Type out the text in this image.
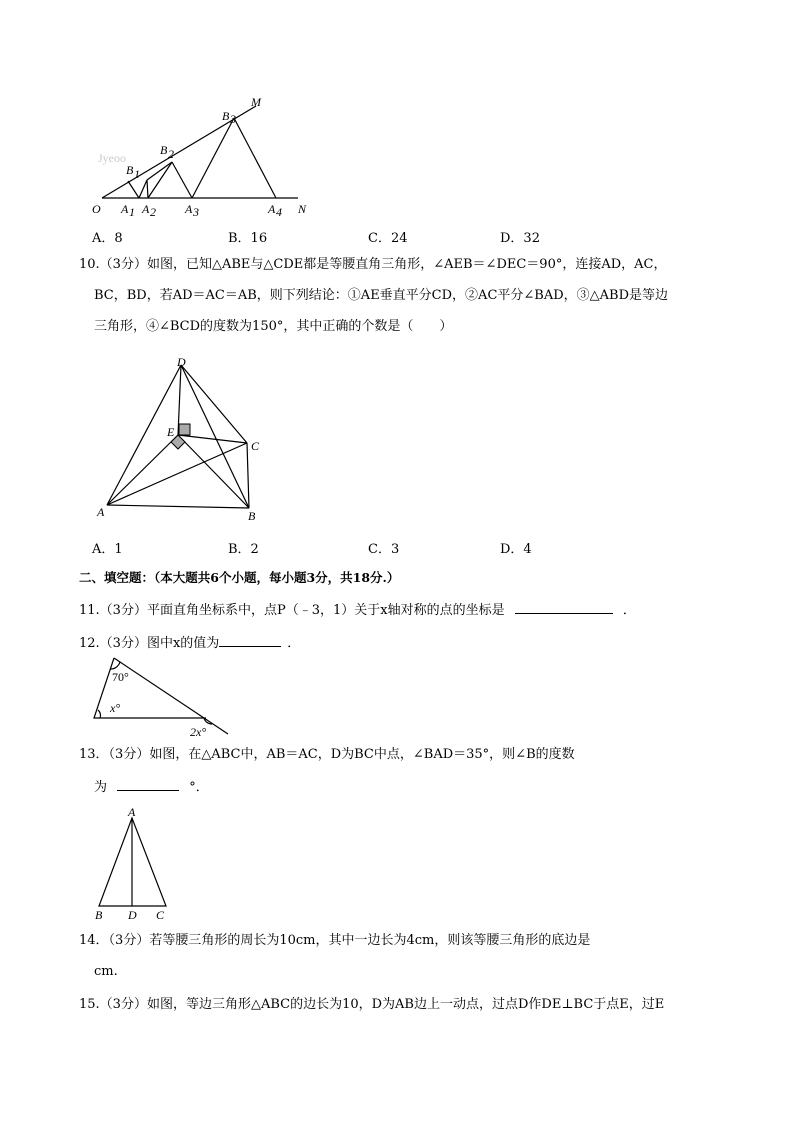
Jyeoo
M
B 3
B 2
B 1
O A 1 A 2 A 3	A 4 N
A．8	B．16	C．24	D．32
10.（3分）如图，已知△ABE与△CDE都是等腰直角三角形，∠AEB＝∠DEC＝90°，连接AD，AC，
BC，BD，若AD＝AC＝AB，则下列结论：①AE垂直平分CD，②AC平分∠BAD，③△ABD是等边
三角形，④∠BCD的度数为150°，其中正确的个数是（　　）
D
E
C
A	B
A．1	B．2	C．3	D．4
二、填空题：（本大题共6个小题，每小题3分，共18分.）
11.（3分）平面直角坐标系中，点P（﹣3，1）关于x轴对称的点的坐标是	．
12.（3分）图中x的值为	．
70°
x°
2x°
13．（3分）如图，在△ABC中，AB＝AC，D为BC中点，∠BAD＝35°，则∠B的度数
为	°．
A
B D C
14．（3分）若等腰三角形的周长为10cm，其中一边长为4cm，则该等腰三角形的底边是
cm.
15.（3分）如图，等边三角形△ABC的边长为10，D为AB边上一动点，过点D作DE⊥BC于点E，过E
